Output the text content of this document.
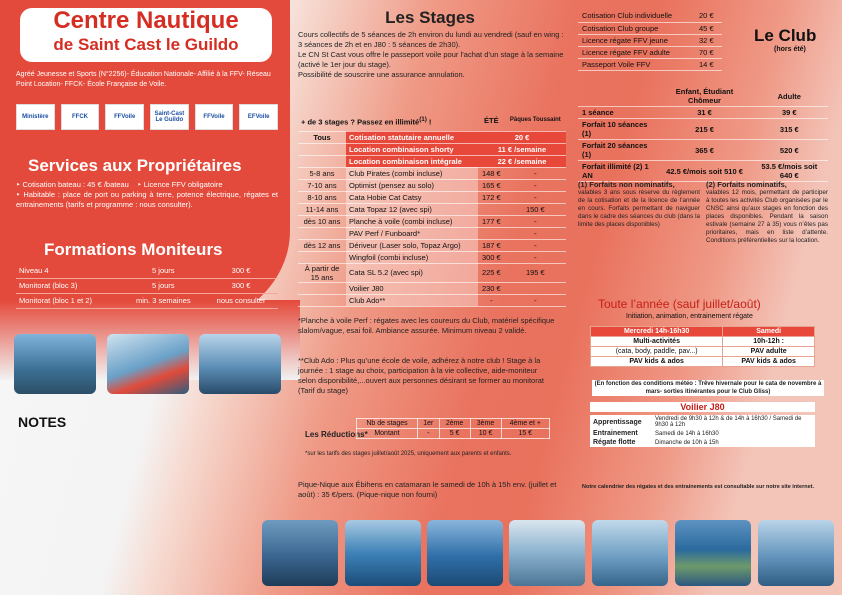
Centre Nautique
de Saint Cast le Guildo
Agréé Jeunesse et Sports (N°2256)- Éducation Nationale- Affilié à la FFV- Réseau Point Location- FFCK- École Française de Voile.
Ministère	FFCK	FFVoile	Saint-Cast Le Guildo	FFVoile	EFVoile
Services aux Propriétaires
‣ Cotisation bateau : 45 € /bateau    ‣ Licence FFV obligatoire
‣ Habitable : place de port ou parking à terre, potence électrique, régates et entrainements (tarifs et programme : nous consulter).
Formations Moniteurs
Niveau 4	5 jours	300 €
Monitorat (bloc 3)	5 jours	300 €
Monitorat (bloc 1 et 2)	min. 3 semaines	nous consulter
NOTES
Les Stages
Cours collectifs de 5 séances de 2h environ du lundi au vendredi (sauf en wing : 3 séances de 2h et en J80 : 5 séances de 2h30).
Le CN St Cast vous offre le passeport voile pour l’achat d’un stage à la semaine (activé le 1er jour du stage).
Possibilité de souscrire une assurance annulation.
+ de 3 stages ? Passez en illimité$^{(1)}$ !		ÉTÉ	Pâques Toussaint
Tous	Cotisation statutaire annuelle	20 €	
	Location combinaison shorty	11 € /semaine	
	Location combinaison intégrale	22 € /semaine	
5-8 ans	Club Pirates (combi incluse)	148 €	-
7-10 ans	Optimist (pensez au solo)	165 €	-
8-10 ans	Cata Hobie Cat Catsy	172 €	-
11-14 ans	Cata Topaz 12 (avec spi)		150 €
dès 10 ans	Planche à voile (combi incluse)	177 €	-
	PAV Perf / Funboard*		-
dès 12 ans	Dériveur (Laser solo, Topaz Argo)	187 €	-
	Wingfoil (combi incluse)	300 €	-
À partir de 15 ans	Cata SL 5.2 (avec spi)	225 €	195 €
	Voilier J80	230 €	
	Club Ado**	-	-
*Planche à voile Perf : régates avec les coureurs du Club, matériel spécifique slalom/vague, esai foil. Ambiance assurée. Minimum niveau 2 validé.
**Club Ado : Plus qu’une école de voile, adhérez à notre club ! Stage à la journée : 1 stage au choix, participation à la vie collective, aide-moniteur selon disponibilité,...ouvert aux personnes désirant se former au monitorat (Tarif du stage)
Les Réductions*
Nb de stages	1er	2ème	3ème	4ème et +
Montant	-	5 €	10 €	15 €
*sur les tarifs des stages juillet/août 2025, uniquement aux parents et enfants.
Pique-Nique aux Ébihens en catamaran le samedi de 10h à 15h env. (juillet et août) : 35 €/pers. (Pique-nique non fourni)
Cotisation Club individuelle	20 €
Cotisation Club groupe	45 €
Licence régate FFV jeune	32 €
Licence régate FFV adulte	70 €
Passeport Voile FFV	14 €
Le Club
(hors été)
	Enfant, Étudiant Chômeur	Adulte
1 séance	31 €	39 €
Forfait 10 séances (1)	215 €	315 €
Forfait 20 séances (1)	365 €	520 €
Forfait illimité (2) 1 AN	42.5 €/mois soit 510 €	53.5 €/mois soit 640 €
(1) Forfaits non nominatifs,
valables 3 ans sous réserve du règlement de la cotisation et de la licence de l’année en cours. Forfaits permettant de naviguer dans le cadre des séances du club (dans la limite des places disponibles)
(2) Forfaits nominatifs,
valables 12 mois, permettant de participer à toutes les activités Club organisées par le CNSC ainsi qu’aux stages en fonction des places disponibles. Pendant la saison estivale (semaine 27 à 35) vous n’êtes pas prioritaires, mais en liste d’attente. Conditions préférentielles sur la location.
Toute l’année (sauf juillet/août)
Initiation, animation, entrainement régate
Mercredi 14h-16h30	Samedi
Multi-activités	10h-12h :
(cata, body, paddle, pav...)	PAV adulte
PAV kids & ados	PAV kids & ados
(En fonction des conditions météo : Trêve hivernale pour le cata de novembre à mars- sorties itinérantes pour le Club Gliss)
Voilier J80
Apprentissage	Vendredi de 9h30 à 12h & de 14h à 16h30 / Samedi de 9h30 à 12h
Entrainement	Samedi de 14h à 16h30
Régate flotte	Dimanche de 10h à 15h
Notre calendrier des régates et des entrainements est consultable sur notre site internet.
